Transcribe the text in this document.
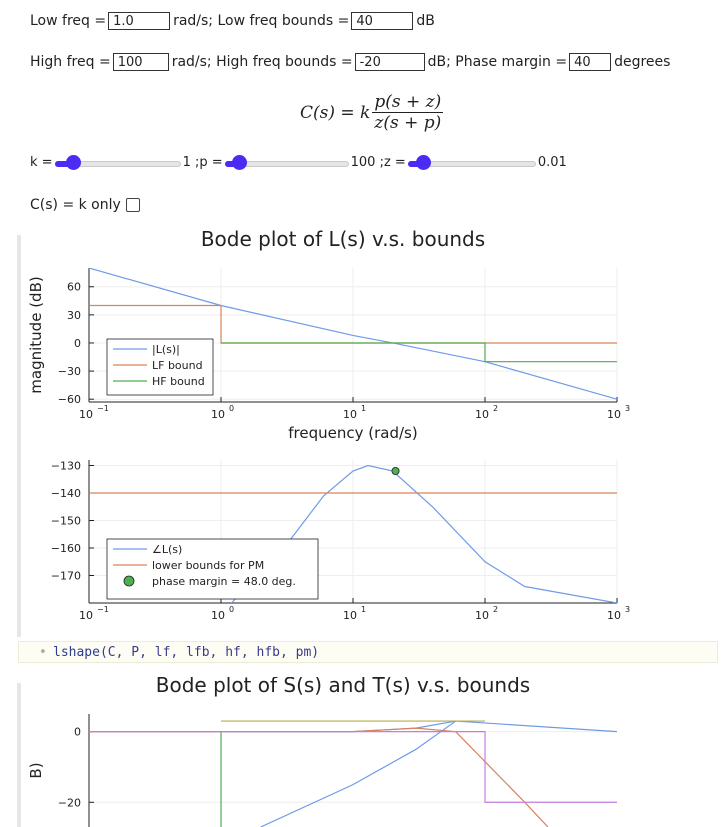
Low freq = 1.0	rad/s; Low freq bounds = 40	dB
High freq = 100	rad/s; High freq bounds = -20	dB; Phase margin = 40	degrees
C(s) = k $\frac{p(s + z)}{z(s + p)}$
k =	1 ;p =	100 ;z =	0.01
C(s) = k only
Bode plot of L(s) v.s. bounds
60
30
0
−30
−60
10 −1	10 0	10 1	10 2	10 3
frequency (rad/s)
magnitude (dB)	|L(s)|
LF bound
HF bound
−130
−140
−150
−160
−170
10 −1	10 0	10 1	10 2	10 3
∠L(s)
lower bounds for PM
phase margin = 48.0 deg.
Bode plot of S(s) and T(s) v.s. bounds
0
−20
B)
• lshape(C, P, lf, lfb, hf, hfb, pm)
